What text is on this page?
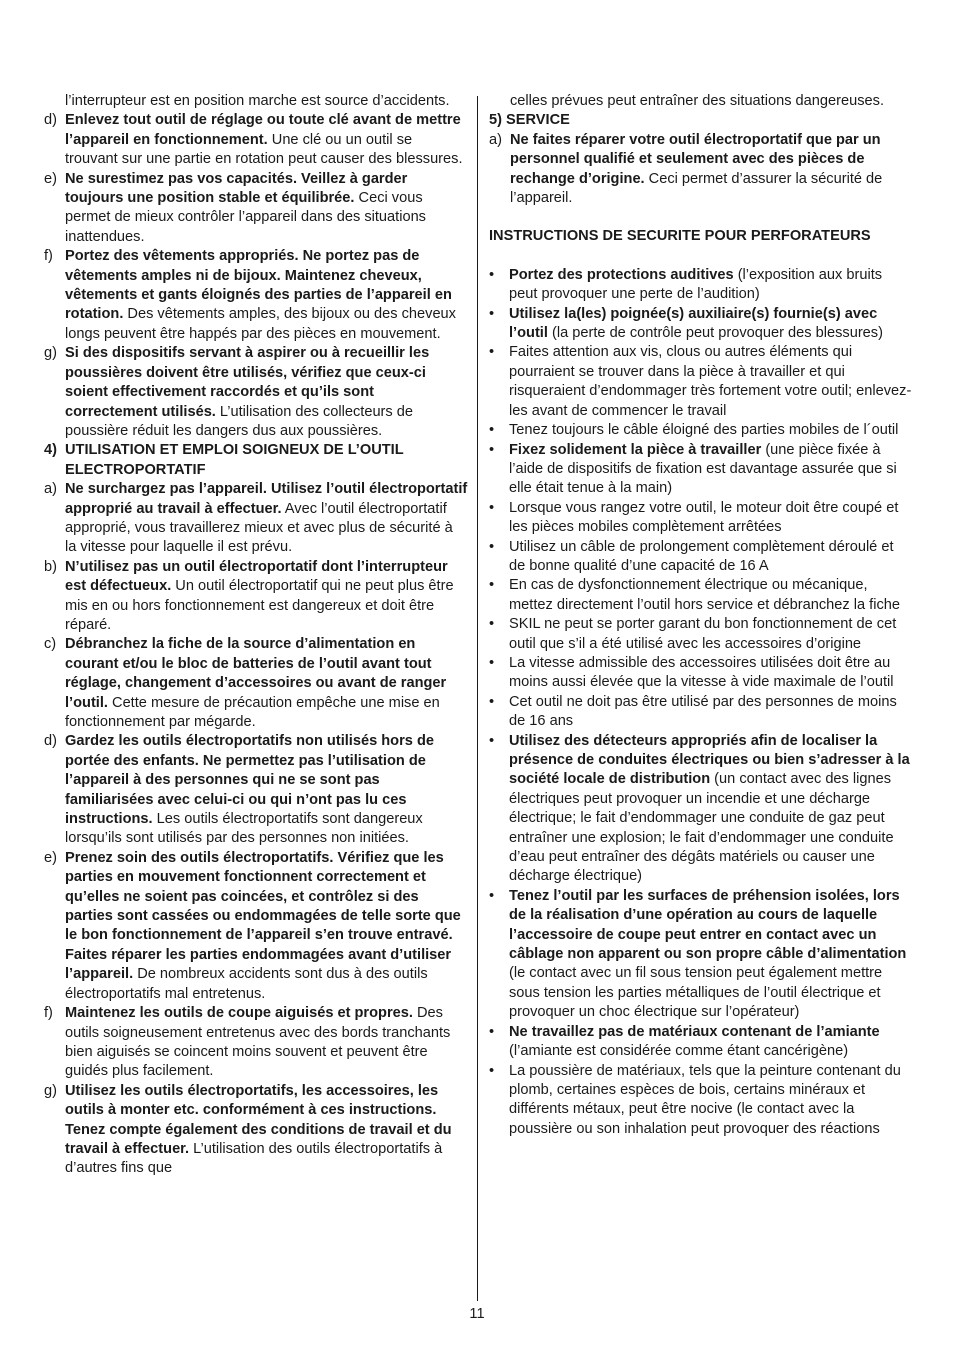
l’interrupteur est en position marche est source d’accidents.

d) Enlevez tout outil de réglage ou toute clé avant de mettre l’appareil en fonctionnement. Une clé ou un outil se trouvant sur une partie en rotation peut causer des blessures.
e) Ne surestimez pas vos capacités. Veillez à garder toujours une position stable et équilibrée. Ceci vous permet de mieux contrôler l’appareil dans des situations inattendues.
f) Portez des vêtements appropriés. Ne portez pas de vêtements amples ni de bijoux. Maintenez cheveux, vêtements et gants éloignés des parties de l’appareil en rotation. Des vêtements amples, des bijoux ou des cheveux longs peuvent être happés par des pièces en mouvement.
g) Si des dispositifs servant à aspirer ou à recueillir les poussières doivent être utilisés, vérifiez que ceux-ci soient effectivement raccordés et qu’ils sont correctement utilisés. L’utilisation des collecteurs de poussière réduit les dangers dus aux poussières.
4) UTILISATION ET EMPLOI SOIGNEUX DE L’OUTIL ELECTROPORTATIF
a) Ne surchargez pas l’appareil. Utilisez l’outil électroportatif approprié au travail à effectuer. Avec l’outil électroportatif approprié, vous travaillerez mieux et avec plus de sécurité à la vitesse pour laquelle il est prévu.
b) N’utilisez pas un outil électroportatif dont l’interrupteur est défectueux. Un outil électroportatif qui ne peut plus être mis en ou hors fonctionnement est dangereux et doit être réparé.
c) Débranchez la fiche de la source d’alimentation en courant et/ou le bloc de batteries de l’outil avant tout réglage, changement d’accessoires ou avant de ranger l’outil. Cette mesure de précaution empêche une mise en fonctionnement par mégarde.
d) Gardez les outils électroportatifs non utilisés hors de portée des enfants. Ne permettez pas l’utilisation de l’appareil à des personnes qui ne se sont pas familiarisées avec celui-ci ou qui n’ont pas lu ces instructions. Les outils électroportatifs sont dangereux lorsqu’ils sont utilisés par des personnes non initiées.
e) Prenez soin des outils électroportatifs. Vérifiez que les parties en mouvement fonctionnent correctement et qu’elles ne soient pas coincées, et contrôlez si des parties sont cassées ou endommagées de telle sorte que le bon fonctionnement de l’appareil s’en trouve entravé. Faites réparer les parties endommagées avant d’utiliser l’appareil. De nombreux accidents sont dus à des outils électroportatifs mal entretenus.
f) Maintenez les outils de coupe aiguisés et propres. Des outils soigneusement entretenus avec des bords tranchants bien aiguisés se coincent moins souvent et peuvent être guidés plus facilement.
g) Utilisez les outils électroportatifs, les accessoires, les outils à monter etc. conformément à ces instructions. Tenez compte également des conditions de travail et du travail à effectuer. L’utilisation des outils électroportatifs à d’autres fins que

celles prévues peut entraîner des situations dangereuses.

5) SERVICE
a) Ne faites réparer votre outil électroportatif que par un personnel qualifié et seulement avec des pièces de rechange d’origine. Ceci permet d’assurer la sécurité de l’appareil.

INSTRUCTIONS DE SECURITE POUR PERFORATEURS

•	Portez des protections auditives (l’exposition aux bruits peut provoquer une perte de l’audition)
•	Utilisez la(les) poignée(s) auxiliaire(s) fournie(s) avec l’outil (la perte de contrôle peut provoquer des blessures)
•	Faites attention aux vis, clous ou autres éléments qui pourraient se trouver dans la pièce à travailler et qui risqueraient d’endommager très fortement votre outil; enlevez-les avant de commencer le travail
•	Tenez toujours le câble éloigné des parties mobiles de l´outil
•	Fixez solidement la pièce à travailler (une pièce fixée à l’aide de dispositifs de fixation est davantage assurée que si elle était tenue à la main)
•	Lorsque vous rangez votre outil, le moteur doit être coupé et les pièces mobiles complètement arrêtées
•	Utilisez un câble de prolongement complètement déroulé et de bonne qualité d’une capacité de 16 A
•	En cas de dysfonctionnement électrique ou mécanique, mettez directement l’outil hors service et débranchez la fiche
•	SKIL ne peut se porter garant du bon fonctionnement de cet outil que s’il a été utilisé avec les accessoires d’origine
•	La vitesse admissible des accessoires utilisées doit être au moins aussi élevée que la vitesse à vide maximale de l’outil
•	Cet outil ne doit pas être utilisé par des personnes de moins de 16 ans
•	Utilisez des détecteurs appropriés afin de localiser la présence de conduites électriques ou bien s’adresser à la société locale de distribution (un contact avec des lignes électriques peut provoquer un incendie et une décharge électrique; le fait d’endommager une conduite de gaz peut entraîner une explosion; le fait d’endommager une conduite d’eau peut entraîner des dégâts matériels ou causer une décharge électrique)
•	Tenez l’outil par les surfaces de préhension isolées, lors de la réalisation d’une opération au cours de laquelle l’accessoire de coupe peut entrer en contact avec un câblage non apparent ou son propre câble d’alimentation (le contact avec un fil sous tension peut également mettre sous tension les parties métalliques de l’outil électrique et provoquer un choc électrique sur l’opérateur)
•	Ne travaillez pas de matériaux contenant de l’amiante (l’amiante est considérée comme étant cancérigène)
•	La poussière de matériaux, tels que la peinture contenant du plomb, certaines espèces de bois, certains minéraux et différents métaux, peut être nocive (le contact avec la poussière ou son inhalation peut provoquer des réactions
11
